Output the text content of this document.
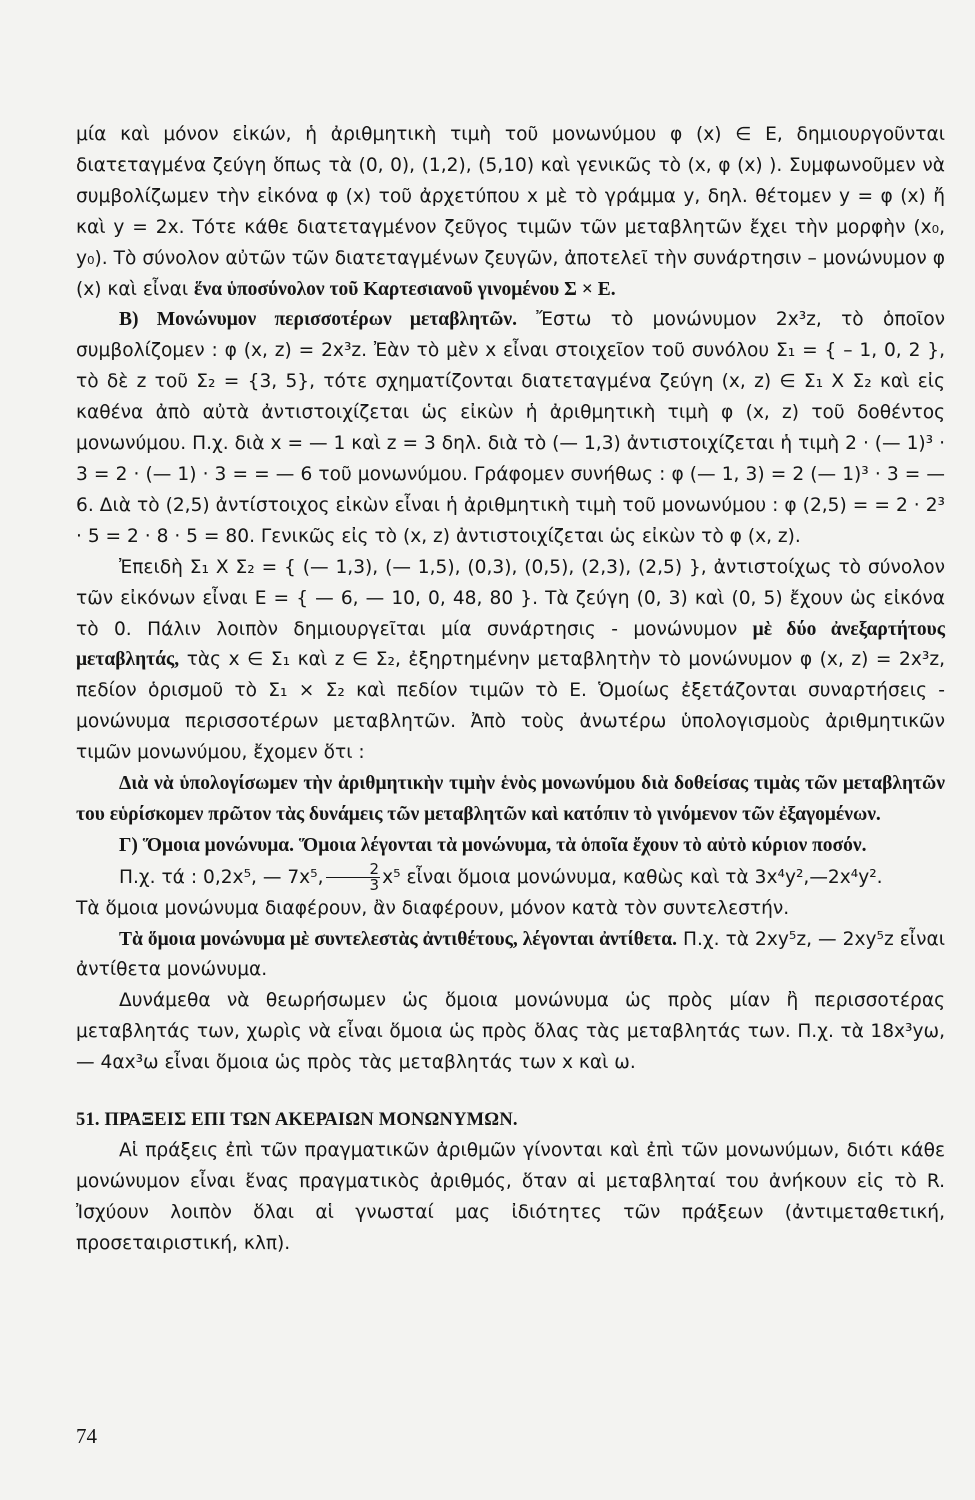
μία καὶ μόνον εἰκών, ἡ ἀριθμητικὴ τιμὴ τοῦ μονωνύμου φ (x) ∈ E, δημιουργοῦνται διατεταγμένα ζεύγη ὅπως τὰ (0, 0), (1,2), (5,10) καὶ γενικῶς τὸ (x, φ (x) ). Συμφωνοῦμεν νὰ συμβολίζωμεν τὴν εἰκόνα φ (x) τοῦ ἀρχετύπου x μὲ τὸ γράμμα y, δηλ. θέτομεν y = φ (x) ἤ καὶ y = 2x. Τότε κάθε διατεταγμένον ζεῦγος τιμῶν τῶν μεταβλητῶν ἔχει τὴν μορφὴν (x₀, y₀). Τὸ σύνολον αὐτῶν τῶν διατεταγμένων ζευγῶν, ἀποτελεῖ τὴν συνάρτησιν – μονώνυμον φ (x) καὶ εἶναι ἕνα ὑποσύνολον τοῦ Καρτεσιανοῦ γινομένου Σ × E.

B) Μονώνυμον περισσοτέρων μεταβλητῶν. Ἔστω τὸ μονώνυμον 2x³z, τὸ ὁποῖον συμβολίζομεν : φ (x, z) = 2x³z. Ἐὰν τὸ μὲν x εἶναι στοιχεῖον τοῦ συνόλου Σ₁ = { – 1, 0, 2 }, τὸ δὲ z τοῦ Σ₂ = {3, 5}, τότε σχηματίζονται διατεταγμένα ζεύγη (x, z) ∈ Σ₁ X Σ₂ καὶ εἰς καθένα ἀπὸ αὐτὰ ἀντιστοιχίζεται ὡς εἰκὼν ἡ ἀριθμητικὴ τιμὴ φ (x, z) τοῦ δοθέντος μονωνύμου. Π.χ. διὰ x = — 1 καὶ z = 3 δηλ. διὰ τὸ (— 1,3) ἀντιστοιχίζεται ἡ τιμὴ 2 · (— 1)³ · 3 = 2 · (— 1) · 3 = = — 6 τοῦ μονωνύμου. Γράφομεν συνήθως : φ (— 1, 3) = 2 (— 1)³ · 3 = — 6. Διὰ τὸ (2,5) ἀντίστοιχος εἰκὼν εἶναι ἡ ἀριθμητικὴ τιμὴ τοῦ μονωνύμου : φ (2,5) = = 2 · 2³ · 5 = 2 · 8 · 5 = 80. Γενικῶς εἰς τὸ (x, z) ἀντιστοιχίζεται ὡς εἰκὼν τὸ φ (x, z).

Ἐπειδὴ Σ₁ X Σ₂ = { (— 1,3), (— 1,5), (0,3), (0,5), (2,3), (2,5) }, ἀντιστοίχως τὸ σύνολον τῶν εἰκόνων εἶναι E = { — 6, — 10, 0, 48, 80 }. Τὰ ζεύγη (0, 3) καὶ (0, 5) ἔχουν ὡς εἰκόνα τὸ 0. Πάλιν λοιπὸν δημιουργεῖται μία συνάρτησις - μονώνυμον μὲ δύο ἀνεξαρτήτους μεταβλητάς, τὰς x ∈ Σ₁ καὶ z ∈ Σ₂, ἐξηρτημένην μεταβλητὴν τὸ μονώνυμον φ (x, z) = 2x³z, πεδίον ὁρισμοῦ τὸ Σ₁ × Σ₂ καὶ πεδίον τιμῶν τὸ E. Ὁμοίως ἐξετάζονται συναρτήσεις - μονώνυμα περισσοτέρων μεταβλητῶν. Ἀπὸ τοὺς ἀνωτέρω ὑπολογισμοὺς ἀριθμητικῶν τιμῶν μονωνύμου, ἔχομεν ὅτι :

Διὰ νὰ ὑπολογίσωμεν τὴν ἀριθμητικὴν τιμὴν ἑνὸς μονωνύμου διὰ δοθείσας τιμὰς τῶν μεταβλητῶν του εὑρίσκομεν πρῶτον τὰς δυνάμεις τῶν μεταβλητῶν καὶ κατόπιν τὸ γινόμενον τῶν ἐξαγομένων.

Γ) Ὅμοια μονώνυμα. Ὅμοια λέγονται τὰ μονώνυμα, τὰ ὁποῖα ἔχουν τὸ αὐτὸ κύριον ποσόν.

Π.χ. τά : 0,2x⁵, — 7x⁵, $\frac{2}{3} x^5$ εἶναι ὅμοια μονώνυμα, καθὼς καὶ τὰ 3x⁴y²,—2x⁴y².

Τὰ ὅμοια μονώνυμα διαφέρουν, ἂν διαφέρουν, μόνον κατὰ τὸν συντελεστήν.

Τὰ ὅμοια μονώνυμα μὲ συντελεστὰς ἀντιθέτους, λέγονται ἀντίθετα. Π.χ. τὰ 2xy⁵z, — 2xy⁵z εἶναι ἀντίθετα μονώνυμα.

Δυνάμεθα νὰ θεωρήσωμεν ὡς ὅμοια μονώνυμα ὡς πρὸς μίαν ἢ περισσοτέρας μεταβλητάς των, χωρὶς νὰ εἶναι ὅμοια ὡς πρὸς ὅλας τὰς μεταβλητάς των. Π.χ. τὰ 18x³yω, — 4αx³ω εἶναι ὅμοια ὡς πρὸς τὰς μεταβλητάς των x καὶ ω.

51. ΠΡΑΞΕΙΣ ΕΠΙ ΤΩΝ ΑΚΕΡΑΙΩΝ ΜΟΝΩΝΥΜΩΝ.

Αἱ πράξεις ἐπὶ τῶν πραγματικῶν ἀριθμῶν γίνονται καὶ ἐπὶ τῶν μονωνύμων, διότι κάθε μονώνυμον εἶναι ἕνας πραγματικὸς ἀριθμός, ὅταν αἱ μεταβληταί του ἀνήκουν εἰς τὸ R. Ἰσχύουν λοιπὸν ὅλαι αἱ γνωσταί μας ἰδιότητες τῶν πράξεων (ἀντιμεταθετική, προσεταιριστική, κλπ).

74
